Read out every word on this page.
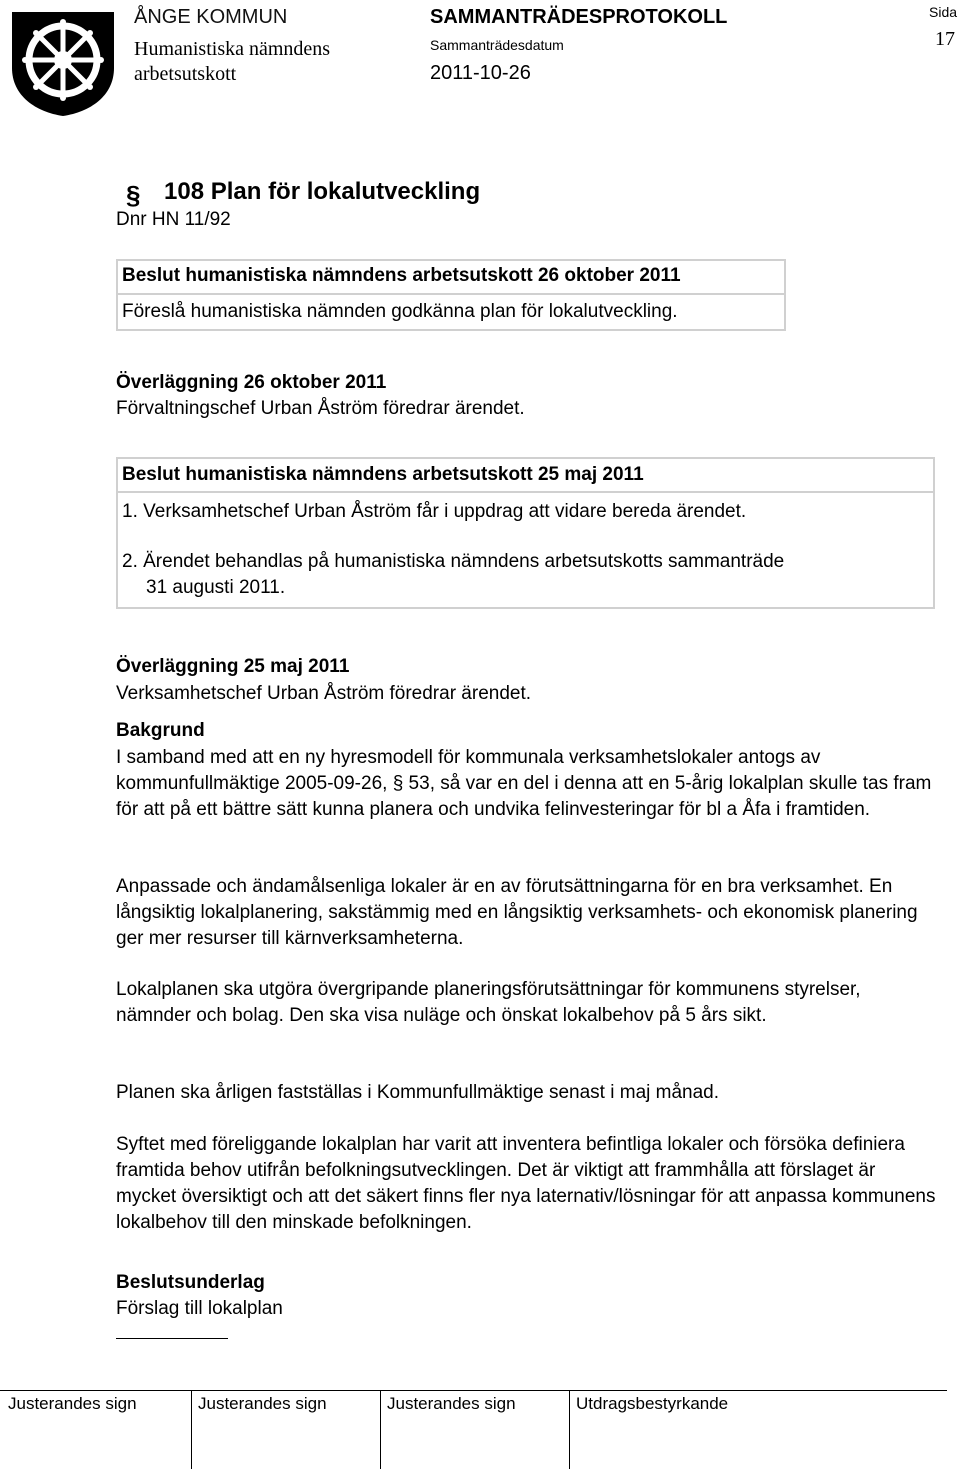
ÅNGE KOMMUN
Humanistiska nämndens
arbetsutskott
SAMMANTRÄDESPROTOKOLL
Sammanträdesdatum
2011-10-26
Sida
17
§ 108 Plan för lokalutveckling
Dnr HN 11/92
Beslut humanistiska nämndens arbetsutskott 26 oktober 2011
Föreslå humanistiska nämnden godkänna plan för lokalutveckling.
Överläggning 26 oktober 2011
Förvaltningschef Urban Åström föredrar ärendet.
Beslut humanistiska nämndens arbetsutskott 25 maj 2011
1. Verksamhetschef Urban Åström får i uppdrag att vidare bereda ärendet.
2. Ärendet behandlas på humanistiska nämndens arbetsutskotts sammanträde
31 augusti 2011.
Överläggning 25 maj 2011
Verksamhetschef Urban Åström föredrar ärendet.
Bakgrund
I samband med att en ny hyresmodell för kommunala verksamhetslokaler antogs av kommunfullmäktige 2005-09-26, § 53, så var en del i denna att en 5-årig lokalplan skulle tas fram för att på ett bättre sätt kunna planera och undvika felinvesteringar för bl a Åfa i framtiden.
Anpassade och ändamålsenliga lokaler är en av förutsättningarna för en bra verksamhet. En långsiktig lokalplanering, sakstämmig med en långsiktig verksamhets- och ekonomisk planering ger mer resurser till kärnverksamheterna.
Lokalplanen ska utgöra övergripande planeringsförutsättningar för kommunens styrelser, nämnder och bolag. Den ska visa nuläge och önskat lokalbehov på 5 års sikt.
Planen ska årligen fastställas i Kommunfullmäktige senast i maj månad.
Syftet med föreliggande lokalplan har varit att inventera befintliga lokaler och försöka definiera framtida behov utifrån befolkningsutvecklingen. Det är viktigt att frammhålla att förslaget är mycket översiktigt och att det säkert finns fler nya laternativ/lösningar för att anpassa kommunens lokalbehov till den minskade befolkningen.
Beslutsunderlag
Förslag till lokalplan
Justerandes sign	Justerandes sign	Justerandes sign	Utdragsbestyrkande
